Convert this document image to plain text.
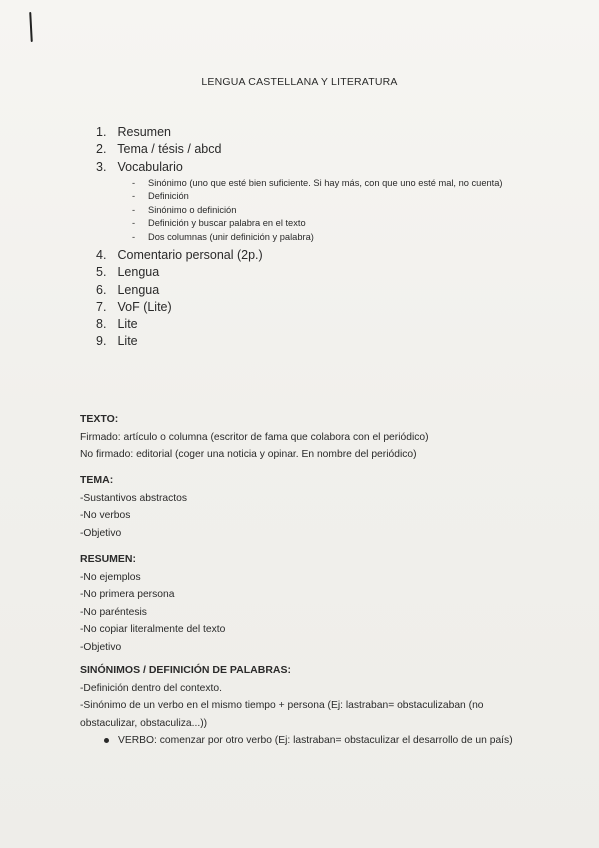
LENGUA CASTELLANA Y LITERATURA
1. Resumen
2. Tema / tésis / abcd
3. Vocabulario
- Sinónimo (uno que esté bien suficiente. Si hay más, con que uno esté mal, no cuenta)
- Definición
- Sinónimo o definición
- Definición y buscar palabra en el texto
- Dos columnas (unir definición y palabra)
4. Comentario personal (2p.)
5. Lengua
6. Lengua
7. VoF (Lite)
8. Lite
9. Lite
TEXTO:
Firmado: artículo o columna (escritor de fama que colabora con el periódico)
No firmado: editorial (coger una noticia y opinar. En nombre del periódico)
TEMA:
-Sustantivos abstractos
-No verbos
-Objetivo
RESUMEN:
-No ejemplos
-No primera persona
-No paréntesis
-No copiar literalmente del texto
-Objetivo
SINÓNIMOS / DEFINICIÓN DE PALABRAS:
-Definición dentro del contexto.
-Sinónimo de un verbo en el mismo tiempo + persona (Ej: lastraban= obstaculizaban (no obstaculizar, obstaculiza...))
VERBO: comenzar por otro verbo (Ej: lastraban= obstaculizar el desarrollo de un país)
